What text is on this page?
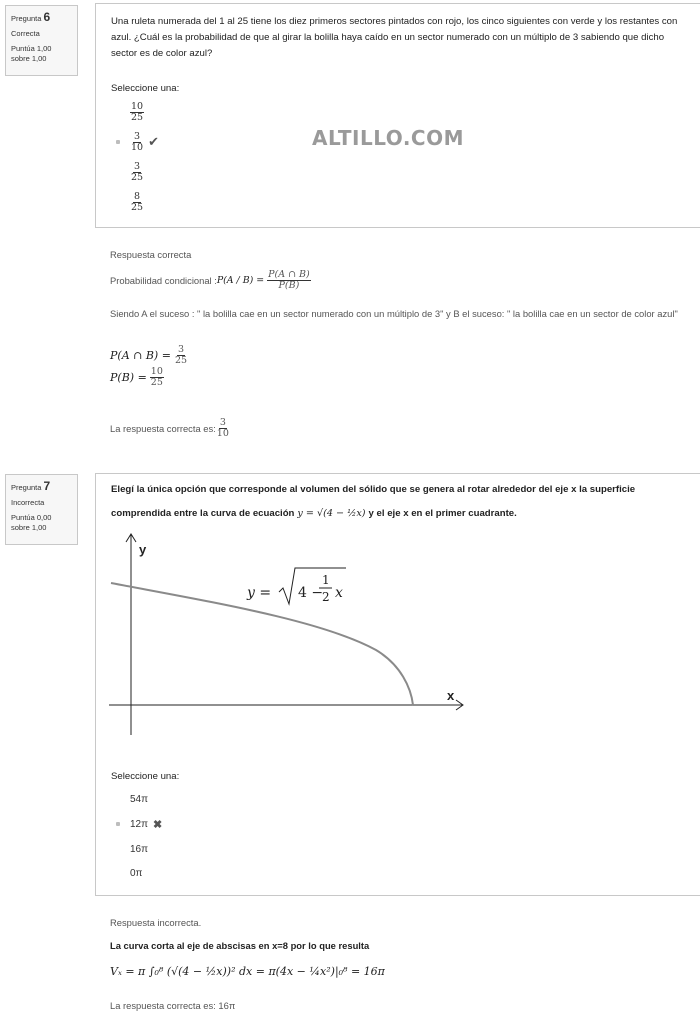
Pregunta 6
Correcta
Puntúa 1,00 sobre 1,00
Una ruleta numerada del 1 al 25 tiene los diez primeros sectores pintados con rojo, los cinco siguientes con verde y los restantes con azul. ¿Cuál es la probabilidad de que al girar la bolilla haya caído en un sector numerado con un múltiplo de 3 sabiendo que dicho sector es de color azul?
Seleccione una:
$\frac{10}{25}$
$\frac{3}{10}$ ✔
$\frac{3}{25}$
$\frac{8}{25}$
ALTILLO.COM
Respuesta correcta
Probabilidad condicional : $P(A / B) = \frac{P(A \cap B)}{P(B)}$
Siendo A el suceso : " la bolilla cae en un sector numerado con un múltiplo de 3" y B el suceso: " la bolilla cae en un sector de color azul"
P(A ∩ $B) = \frac{3}{25}$
$P(B) = \frac{10}{25}$
La respuesta correcta es: $\frac{3}{10}$
Pregunta 7
Incorrecta
Puntúa 0,00 sobre 1,00
Elegí la única opción que corresponde al volumen del sólido que se genera al rotar alrededor del eje x la superficie
comprendida entre la curva de ecuación y = √(4 − ½x) y el eje x en el primer cuadrante.
y
x
y = 4 −
1
2 x
Seleccione una:
54π
12π ✖
16π
0π
Respuesta incorrecta.
La curva corta al eje de abscisas en x=8 por lo que resulta
Vₓ = π ∫₀⁸ (√(4 − ½x))² dx = π(4x − ¼x²)|₀⁸ = 16π
La respuesta correcta es: 16π
